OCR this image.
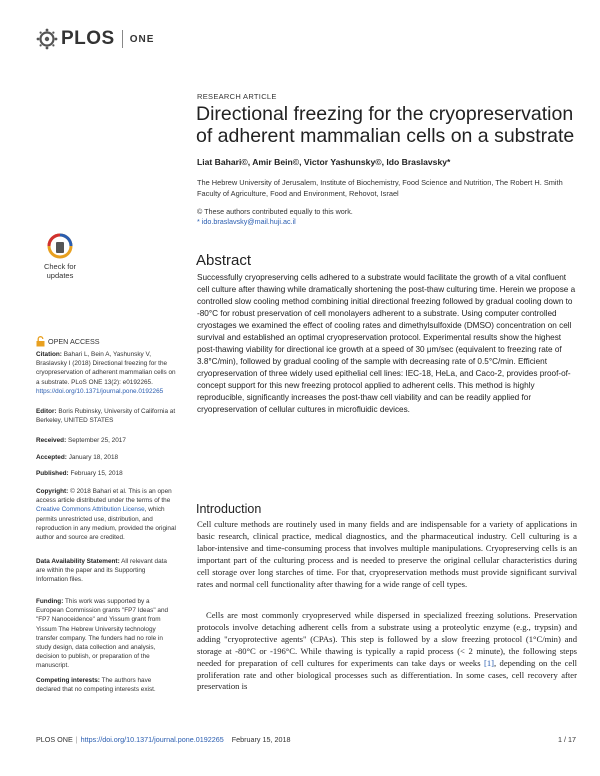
PLOS ONE
RESEARCH ARTICLE
Directional freezing for the cryopreservation of adherent mammalian cells on a substrate
Liat Bahari©, Amir Bein©, Victor Yashunsky©, Ido Braslavsky*
The Hebrew University of Jerusalem, Institute of Biochemistry, Food Science and Nutrition, The Robert H. Smith Faculty of Agriculture, Food and Environment, Rehovot, Israel
© These authors contributed equally to this work.
* ido.braslavsky@mail.huji.ac.il
Abstract
Successfully cryopreserving cells adhered to a substrate would facilitate the growth of a vital confluent cell culture after thawing while dramatically shortening the post-thaw culturing time. Herein we propose a controlled slow cooling method combining initial directional freezing followed by gradual cooling down to -80°C for robust preservation of cell monolayers adherent to a substrate. Using computer controlled cryostages we examined the effect of cooling rates and dimethylsulfoxide (DMSO) concentration on cell survival and established an optimal cryopreservation protocol. Experimental results show the highest post-thawing viability for directional ice growth at a speed of 30 μm/sec (equivalent to freezing rate of 3.8°C/min), followed by gradual cooling of the sample with decreasing rate of 0.5°C/min. Efficient cryopreservation of three widely used epithelial cell lines: IEC-18, HeLa, and Caco-2, provides proof-of-concept support for this new freezing protocol applied to adherent cells. This method is highly reproducible, significantly increases the post-thaw cell viability and can be readily applied for cryopreservation of cellular cultures in microfluidic devices.
Introduction
Cell culture methods are routinely used in many fields and are indispensable for a variety of applications in basic research, clinical practice, medical diagnostics, and the pharmaceutical industry. Cell culturing is a labor-intensive and time-consuming process that involves multiple manipulations. Cryopreserving cells is an important part of the culturing process and is needed to preserve the original cellular characteristics during cell storage over long starches of time. For that, cryopreservation methods must provide significant survival rates and normal cell functionality after thawing for a wide range of cell types.
Cells are most commonly cryopreserved while dispersed in specialized freezing solutions. Preservation protocols involve detaching adherent cells from a substrate using a proteolytic enzyme (e.g., trypsin) and adding "cryoprotective agents" (CPAs). This step is followed by a slow freezing protocol (1°C/min) and storage at -80°C or -196°C. While thawing is typically a rapid process (< 2 minute), the following steps needed for preparation of cell cultures for experiments can take days or weeks [1], depending on the cell proliferation rate and other biological processes such as differentiation. In some cases, cell recovery after preservation is
Check for
updates
OPEN ACCESS
Citation: Bahari L, Bein A, Yashunsky V, Braslavsky I (2018) Directional freezing for the cryopreservation of adherent mammalian cells on a substrate. PLoS ONE 13(2): e0192265. https://doi.org/10.1371/journal.pone.0192265
Editor: Boris Rubinsky, University of California at Berkeley, UNITED STATES
Received: September 25, 2017
Accepted: January 18, 2018
Published: February 15, 2018
Copyright: © 2018 Bahari et al. This is an open access article distributed under the terms of the Creative Commons Attribution License, which permits unrestricted use, distribution, and reproduction in any medium, provided the original author and source are credited.
Data Availability Statement: All relevant data are within the paper and its Supporting Information files.
Funding: This work was supported by a European Commission grants "FP7 Ideas" and "FP7 Nanoceidence" and Yissum grant from Yissum The Hebrew University technology transfer company. The funders had no role in study design, data collection and analysis, decision to publish, or preparation of the manuscript.
Competing interests: The authors have declared that no competing interests exist.
PLOS ONE | https://doi.org/10.1371/journal.pone.0192265 February 15, 2018	1 / 17
